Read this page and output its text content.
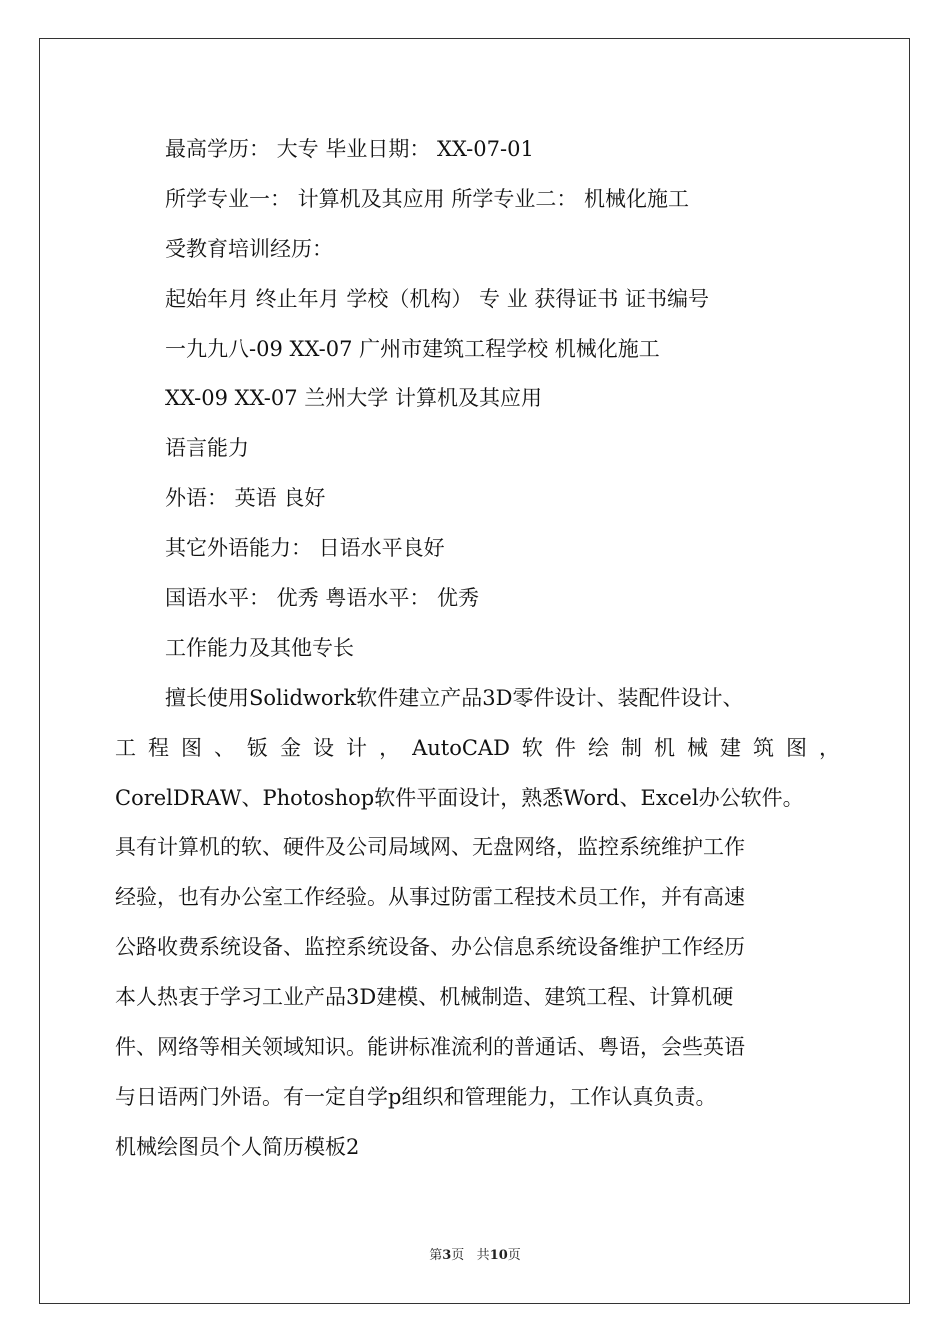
最高学历： 大专 毕业日期： XX-07-01

所学专业一： 计算机及其应用 所学专业二： 机械化施工

受教育培训经历：

起始年月 终止年月 学校（机构） 专 业 获得证书 证书编号

一九九八-09 XX-07 广州市建筑工程学校 机械化施工

XX-09 XX-07 兰州大学 计算机及其应用

语言能力

外语： 英语 良好

其它外语能力： 日语水平良好

国语水平： 优秀 粤语水平： 优秀

工作能力及其他专长

擅长使用Solidwork软件建立产品3D零件设计、装配件设计、

工程图、钣金设计，AutoCAD软件绘制机械建筑图，

CorelDRAW、Photoshop软件平面设计，熟悉Word、Excel办公软件。

具有计算机的软、硬件及公司局域网、无盘网络，监控系统维护工作

经验，也有办公室工作经验。从事过防雷工程技术员工作，并有高速

公路收费系统设备、监控系统设备、办公信息系统设备维护工作经历

本人热衷于学习工业产品3D建模、机械制造、建筑工程、计算机硬

件、网络等相关领域知识。能讲标准流利的普通话、粤语，会些英语

与日语两门外语。有一定自学p组织和管理能力，工作认真负责。

机械绘图员个人简历模板2

第3页 共10页
